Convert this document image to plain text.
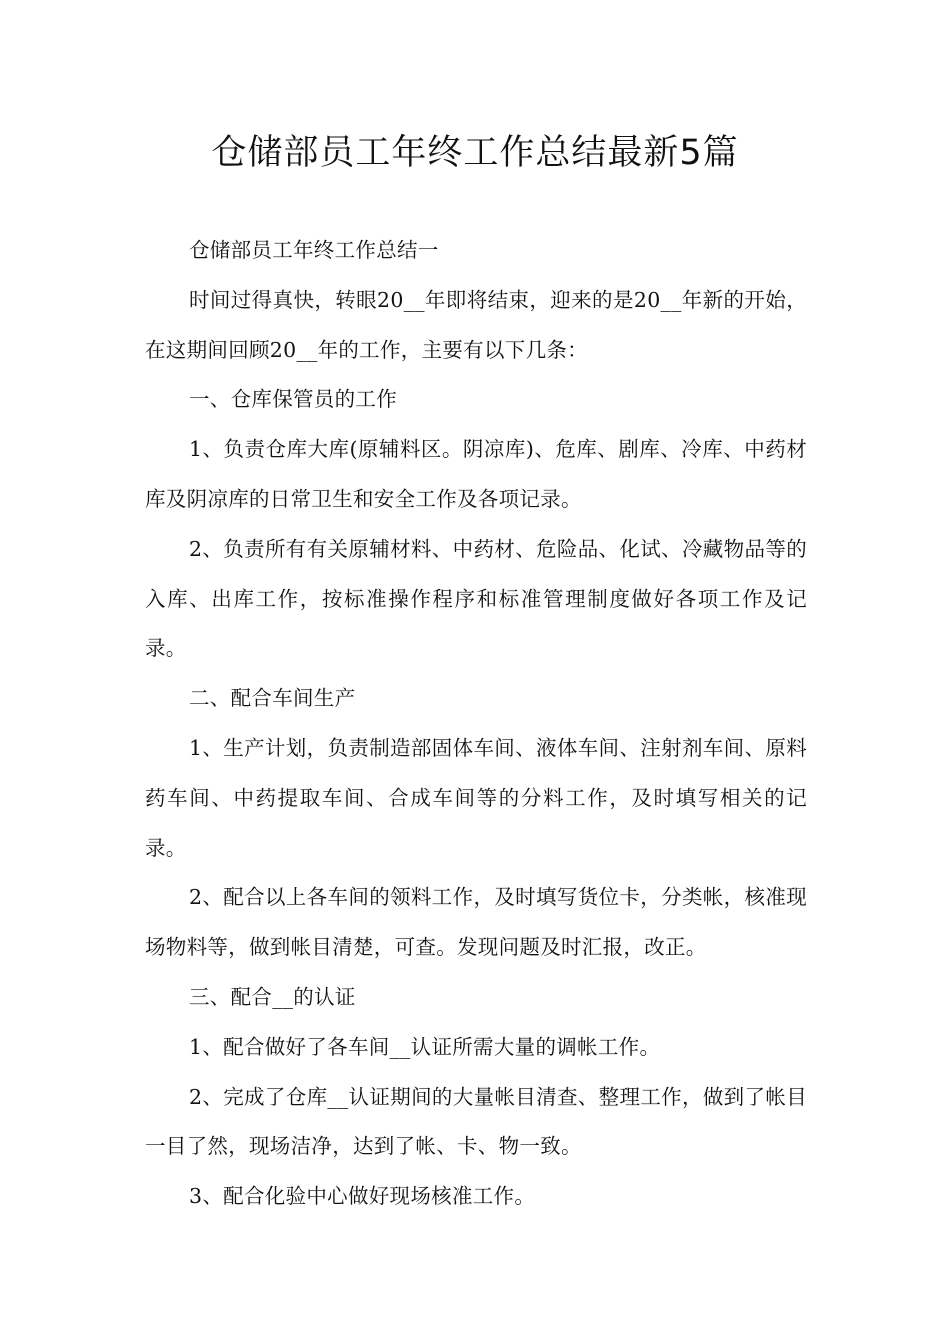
仓储部员工年终工作总结最新5篇

仓储部员工年终工作总结一

时间过得真快，转眼20__年即将结束，迎来的是20__年新的开始，在这期间回顾20__年的工作，主要有以下几条：

一、仓库保管员的工作

1、负责仓库大库(原辅料区。阴凉库)、危库、剧库、冷库、中药材库及阴凉库的日常卫生和安全工作及各项记录。

2、负责所有有关原辅材料、中药材、危险品、化试、冷藏物品等的入库、出库工作，按标准操作程序和标准管理制度做好各项工作及记录。

二、配合车间生产

1、生产计划，负责制造部固体车间、液体车间、注射剂车间、原料药车间、中药提取车间、合成车间等的分料工作，及时填写相关的记录。

2、配合以上各车间的领料工作，及时填写货位卡，分类帐，核准现场物料等，做到帐目清楚，可查。发现问题及时汇报，改正。

三、配合__的认证

1、配合做好了各车间__认证所需大量的调帐工作。

2、完成了仓库__认证期间的大量帐目清查、整理工作，做到了帐目一目了然，现场洁净，达到了帐、卡、物一致。

3、配合化验中心做好现场核准工作。
